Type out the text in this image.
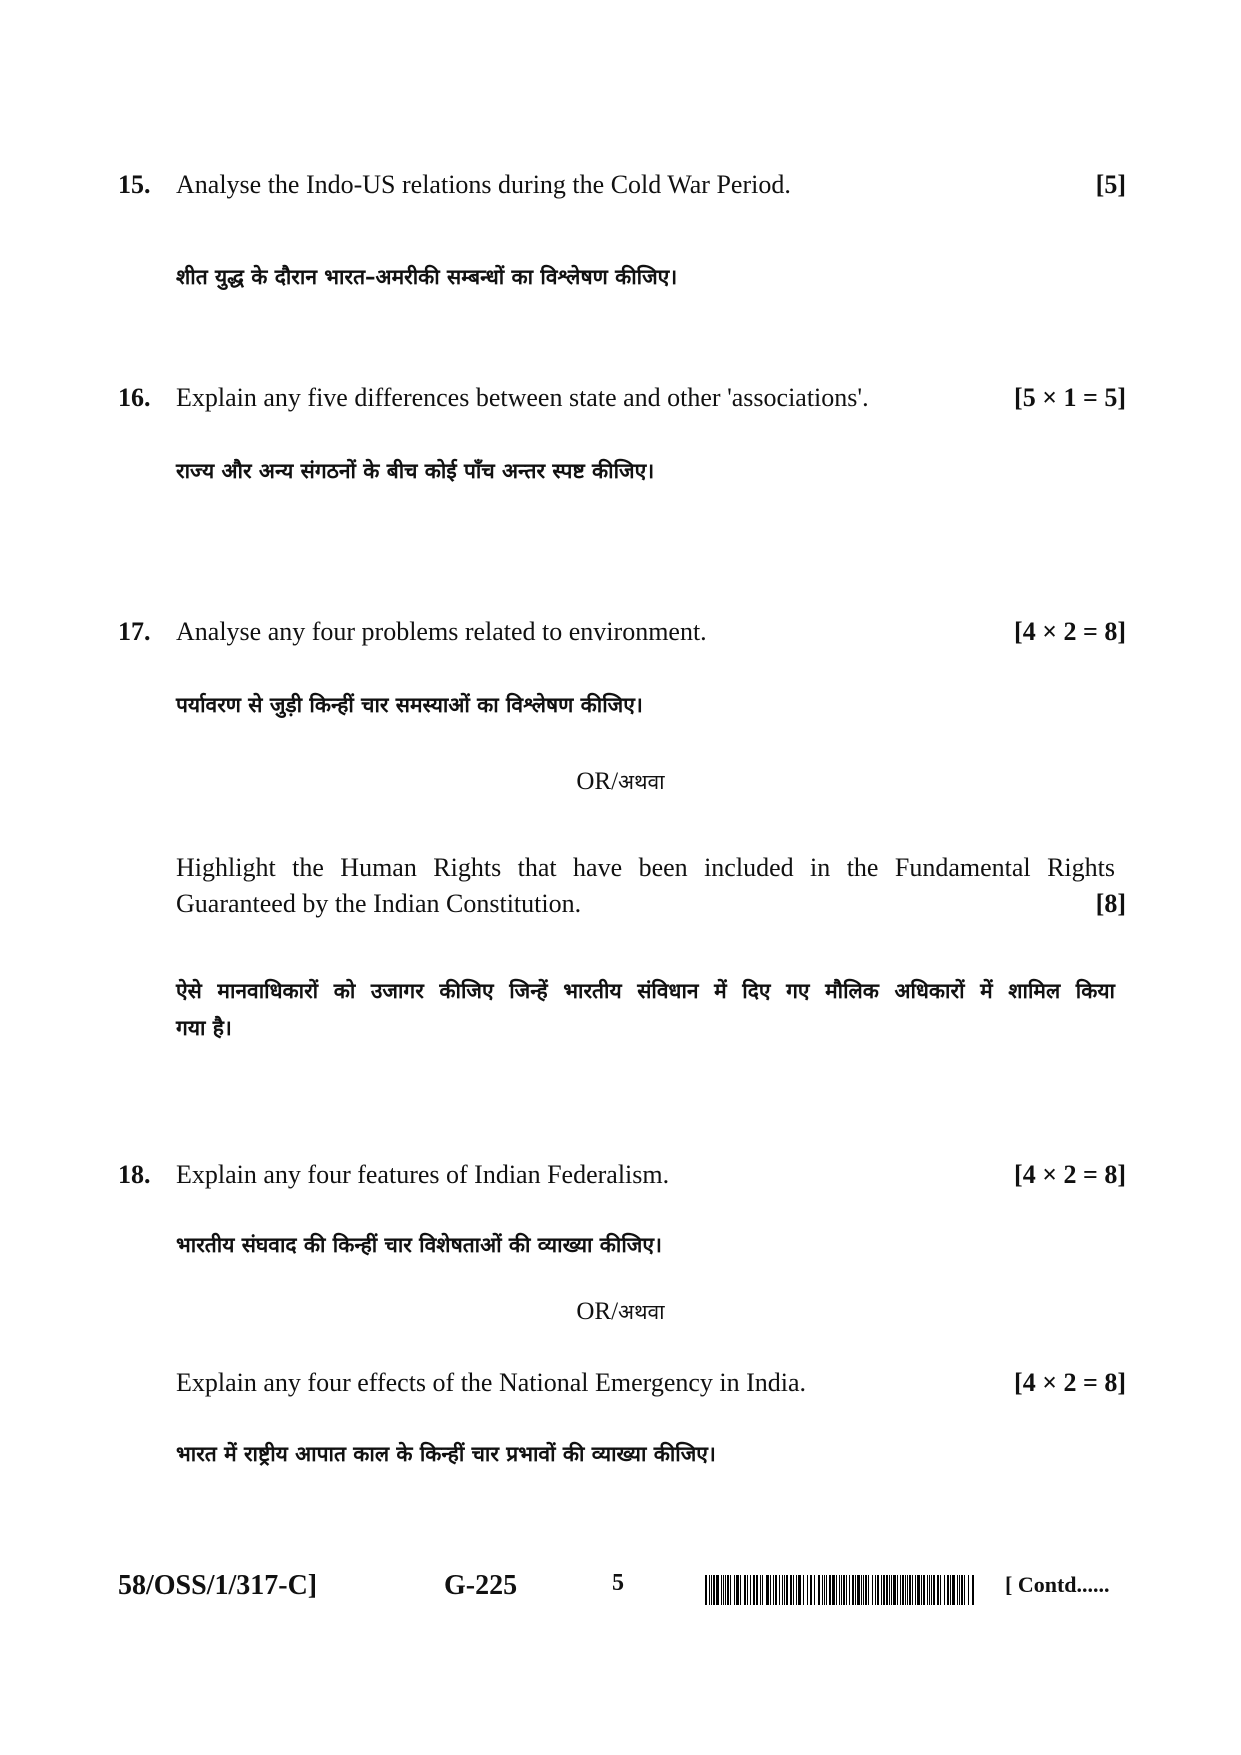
15. Analyse the Indo-US relations during the Cold War Period.	[5]
शीत युद्ध के दौरान भारत–अमरीकी सम्बन्धों का विश्लेषण कीजिए।
16. Explain any five differences between state and other 'associations'.	[5 × 1 = 5]
राज्य और अन्य संगठनों के बीच कोई पाँच अन्तर स्पष्ट कीजिए।
17. Analyse any four problems related to environment.	[4 × 2 = 8]
पर्यावरण से जुड़ी किन्हीं चार समस्याओं का विश्लेषण कीजिए।
OR/अथवा
Highlight the Human Rights that have been included in the Fundamental Rights
Guaranteed by the Indian Constitution.	[8]
ऐसे मानवाधिकारों को उजागर कीजिए जिन्हें भारतीय संविधान में दिए गए मौलिक अधिकारों में शामिल किया
गया है।
18. Explain any four features of Indian Federalism.	[4 × 2 = 8]
भारतीय संघवाद की किन्हीं चार विशेषताओं की व्याख्या कीजिए।
OR/अथवा
Explain any four effects of the National Emergency in India.	[4 × 2 = 8]
भारत में राष्ट्रीय आपात काल के किन्हीं चार प्रभावों की व्याख्या कीजिए।
58/OSS/1/317-C]	G-225	5	[ Contd......
